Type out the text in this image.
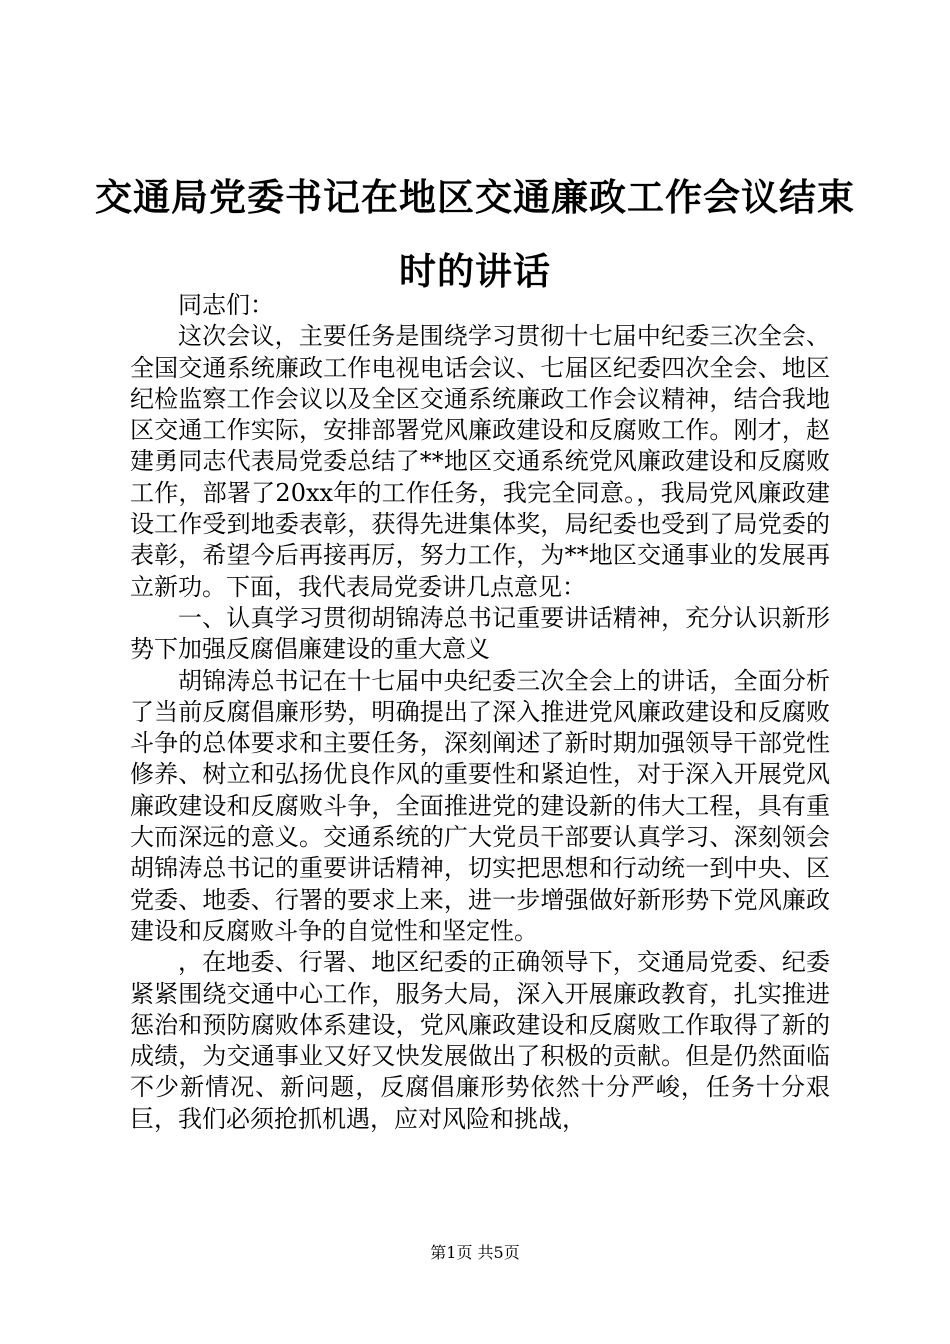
交通局党委书记在地区交通廉政工作会议结束时的讲话

同志们：

这次会议，主要任务是围绕学习贯彻十七届中纪委三次全会、全国交通系统廉政工作电视电话会议、七届区纪委四次全会、地区纪检监察工作会议以及全区交通系统廉政工作会议精神，结合我地区交通工作实际，安排部署党风廉政建设和反腐败工作。刚才，赵建勇同志代表局党委总结了**地区交通系统党风廉政建设和反腐败工作，部署了20xx年的工作任务，我完全同意。，我局党风廉政建设工作受到地委表彰，获得先进集体奖，局纪委也受到了局党委的表彰，希望今后再接再厉，努力工作，为**地区交通事业的发展再立新功。下面，我代表局党委讲几点意见：

一、认真学习贯彻胡锦涛总书记重要讲话精神，充分认识新形势下加强反腐倡廉建设的重大意义

胡锦涛总书记在十七届中央纪委三次全会上的讲话，全面分析了当前反腐倡廉形势，明确提出了深入推进党风廉政建设和反腐败斗争的总体要求和主要任务，深刻阐述了新时期加强领导干部党性修养、树立和弘扬优良作风的重要性和紧迫性，对于深入开展党风廉政建设和反腐败斗争，全面推进党的建设新的伟大工程，具有重大而深远的意义。交通系统的广大党员干部要认真学习、深刻领会胡锦涛总书记的重要讲话精神，切实把思想和行动统一到中央、区党委、地委、行署的要求上来，进一步增强做好新形势下党风廉政建设和反腐败斗争的自觉性和坚定性。

，在地委、行署、地区纪委的正确领导下，交通局党委、纪委紧紧围绕交通中心工作，服务大局，深入开展廉政教育，扎实推进惩治和预防腐败体系建设，党风廉政建设和反腐败工作取得了新的成绩，为交通事业又好又快发展做出了积极的贡献。但是仍然面临不少新情况、新问题，反腐倡廉形势依然十分严峻，任务十分艰巨，我们必须抢抓机遇，应对风险和挑战，

第1页 共5页
